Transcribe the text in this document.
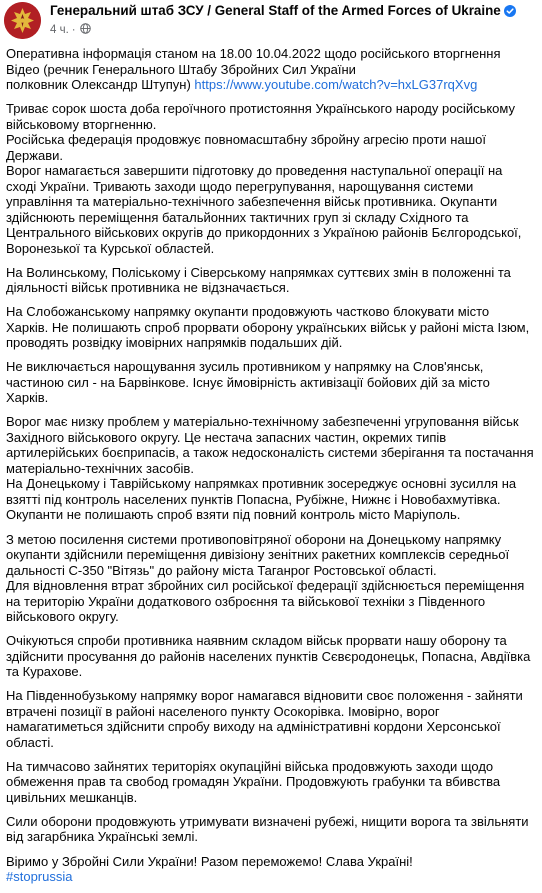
Генеральний штаб ЗСУ / General Staff of the Armed Forces of Ukraine
4 ч. ·

Оперативна інформація станом на 18.00 10.04.2022 щодо російського вторгнення
Відео (речник Генерального Штабу Збройних Сил України
полковник Олександр Штупун) https://www.youtube.com/watch?v=hxLG37rqXvg

Триває сорок шоста доба героїчного протистояння Українського народу російському військовому вторгненню.
Російська федерація продовжує повномасштабну збройну агресію проти нашої Держави.
Ворог намагається завершити підготовку до проведення наступальної операції на сході України. Тривають заходи щодо перегрупування, нарощування системи управління та матеріально-технічного забезпечення військ противника. Окупанти здійснюють переміщення батальйонних тактичних груп зі складу Східного та Центрального військових округів до прикордонних з Україною районів Бєлгородської, Воронезької та Курської областей.

На Волинському, Поліському і Сіверському напрямках суттєвих змін в положенні та діяльності військ противника не відзначається.

На Слобожанському напрямку окупанти продовжують частково блокувати місто Харків. Не полишають спроб прорвати оборону українських військ у районі міста Ізюм, проводять розвідку імовірних напрямків подальших дій.

Не виключається нарощування зусиль противником у напрямку на Слов'янськ, частиною сил - на Барвінкове. Існує ймовірність активізації бойових дій за місто Харків.

Ворог має низку проблем у матеріально-технічному забезпеченні угруповання військ Західного військового округу. Це нестача запасних частин, окремих типів артилерійських боєприпасів, а також недосконалість системи зберігання та постачання матеріально-технічних засобів.
На Донецькому і Таврійському напрямках противник зосереджує основні зусилля на взятті під контроль населених пунктів Попасна, Рубіжне, Нижнє і Новобахмутівка. Окупанти не полишають спроб взяти під повний контроль місто Маріуполь.

З метою посилення системи противоповітряної оборони на Донецькому напрямку окупанти здійснили переміщення дивізіону зенітних ракетних комплексів середньої дальності С-350 "Вітязь" до району міста Таганрог Ростовської області.
Для відновлення втрат збройних сил російської федерації здійснюється переміщення на територію України додаткового озброєння та військової техніки з Південного військового округу.

Очікуються спроби противника наявним складом військ прорвати нашу оборону та здійснити просування до районів населених пунктів Сєвєродонецьк, Попасна, Авдіївка та Курахове.

На Південнобузькому напрямку ворог намагався відновити своє положення - зайняти втрачені позиції в районі населеного пункту Осокорівка. Імовірно, ворог намагатиметься здійснити спробу виходу на адміністративні кордони Херсонської області.

На тимчасово зайнятих територіях окупаційні війська продовжують заходи щодо обмеження прав та свобод громадян України. Продовжують грабунки та вбивства цивільних мешканців.

Сили оборони продовжують утримувати визначені рубежі, нищити ворога та звільняти від загарбника Українські землі.

Віримо у Збройні Сили України! Разом переможемо! Слава Україні!
#stoprussia
